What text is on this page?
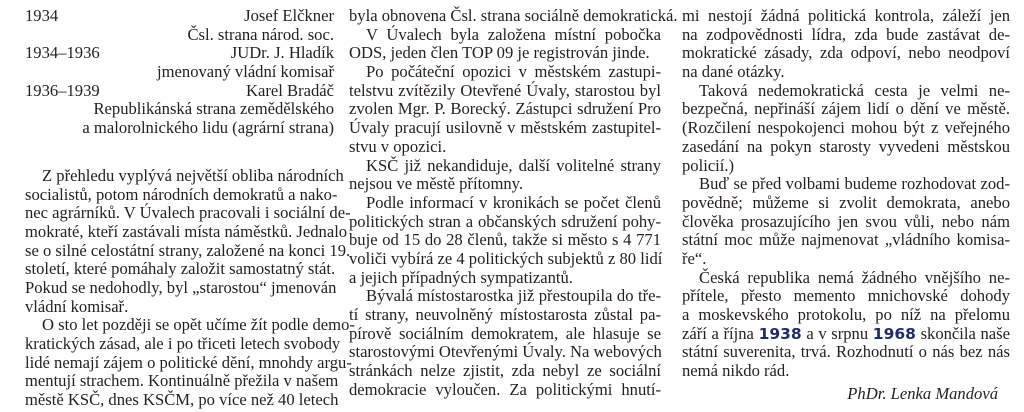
1934	Josef Elčkner
Čsl. strana národ. soc.
1934–1936	JUDr. J. Hladík
jmenovaný vládní komisař
1936–1939	Karel Bradáč
Republikánská strana zemědělského
a malorolnického lidu (agrární strana)
Z přehledu vyplývá největší obliba národních
socialistů, potom národních demokratů a nako-
nec agrárníků. V Úvalech pracovali i sociální de-
mokraté, kteří zastávali místa náměstků. Jednalo
se o silné celostátní strany, založené na konci 19.
století, které pomáhaly založit samostatný stát.
Pokud se nedohodly, byl „starostou“ jmenován
vládní komisař.
O sto let později se opět učíme žít podle demo-
kratických zásad, ale i po třiceti letech svobody
lidé nemají zájem o politické dění, mnohdy argu-
mentují strachem. Kontinuálně přežila v našem
městě KSČ, dnes KSČM, po více než 40 letech
byla obnovena Čsl. strana sociálně demokratická.
V Úvalech byla založena místní pobočka
ODS, jeden člen TOP 09 je registrován jinde.
Po počáteční opozici v městském zastupi-
telstvu zvítězily Otevřené Úvaly, starostou byl
zvolen Mgr. P. Borecký. Zástupci sdružení Pro
Úvaly pracují usilovně v městském zastupitel-
stvu v opozici.
KSČ již nekandiduje, další volitelné strany
nejsou ve městě přítomny.
Podle informací v kronikách se počet členů
politických stran a občanských sdružení pohy-
buje od 15 do 28 členů, takže si město s 4 771
voliči vybírá ze 4 politických subjektů z 80 lidí
a jejich případných sympatizantů.
Bývalá místostarostka již přestoupila do tře-
tí strany, neuvolněný místostarosta zůstal pa-
pírově sociálním demokratem, ale hlasuje se
starostovými Otevřenými Úvaly. Na webových
stránkách nelze zjistit, zda nebyl ze sociální
demokracie vyloučen. Za politickými hnutí-
mi nestojí žádná politická kontrola, záleží jen
na zodpovědnosti lídra, zda bude zastávat de-
mokratické zásady, zda odpoví, nebo neodpoví
na dané otázky.
Taková nedemokratická cesta je velmi ne-
bezpečná, nepřináší zájem lidí o dění ve městě.
(Rozčilení nespokojenci mohou být z veřejného
zasedání na pokyn starosty vyvedeni městskou
policií.)
Buď se před volbami budeme rozhodovat zod-
povědně; můžeme si zvolit demokrata, anebo
člověka prosazujícího jen svou vůli, nebo nám
státní moc může najmenovat „vládního komisa-
ře“.
Česká republika nemá žádného vnějšího ne-
přítele, přesto memento mnichovské dohody
a moskevského protokolu, po níž na přelomu
září a října 1938 a v srpnu 1968 skončila naše
státní suverenita, trvá. Rozhodnutí o nás bez nás
nemá nikdo rád.
PhDr. Lenka Mandová
